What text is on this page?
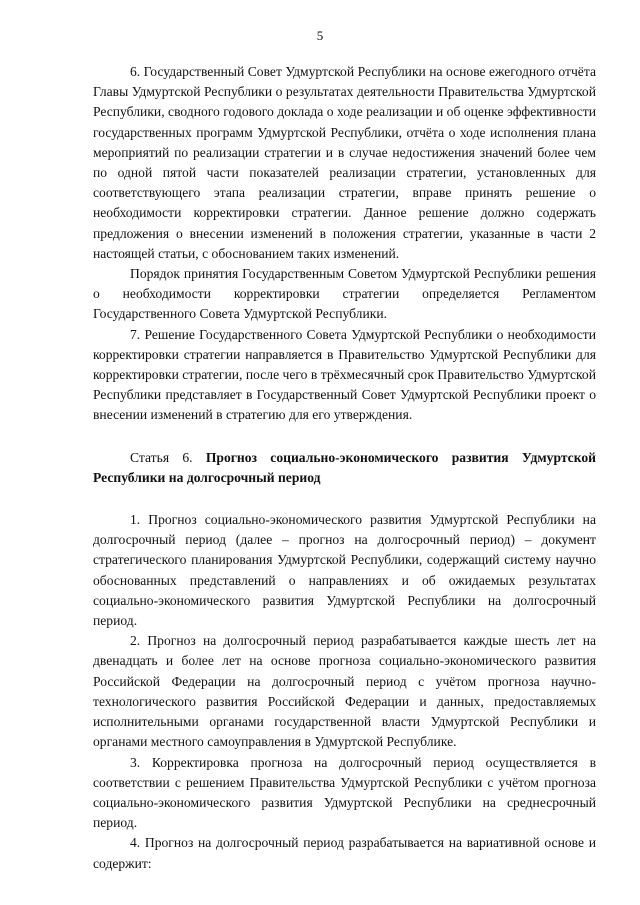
5

6. Государственный Совет Удмуртской Республики на основе ежегодного отчёта Главы Удмуртской Республики о результатах деятельности Правительства Удмуртской Республики, сводного годового доклада о ходе реализации и об оценке эффективности государственных программ Удмуртской Республики, отчёта о ходе исполнения плана мероприятий по реализации стратегии и в случае недостижения значений более чем по одной пятой части показателей реализации стратегии, установленных для соответствующего этапа реализации стратегии, вправе принять решение о необходимости корректировки стратегии. Данное решение должно содержать предложения о внесении изменений в положения стратегии, указанные в части 2 настоящей статьи, с обоснованием таких изменений.

Порядок принятия Государственным Советом Удмуртской Республики решения о необходимости корректировки стратегии определяется Регламентом Государственного Совета Удмуртской Республики.

7. Решение Государственного Совета Удмуртской Республики о необходимости корректировки стратегии направляется в Правительство Удмуртской Республики для корректировки стратегии, после чего в трёхмесячный срок Правительство Удмуртской Республики представляет в Государственный Совет Удмуртской Республики проект о внесении изменений в стратегию для его утверждения.

Статья 6. Прогноз социально-экономического развития Удмуртской Республики на долгосрочный период

1. Прогноз социально-экономического развития Удмуртской Республики на долгосрочный период (далее – прогноз на долгосрочный период) – документ стратегического планирования Удмуртской Республики, содержащий систему научно обоснованных представлений о направлениях и об ожидаемых результатах социально-экономического развития Удмуртской Республики на долгосрочный период.

2. Прогноз на долгосрочный период разрабатывается каждые шесть лет на двенадцать и более лет на основе прогноза социально-экономического развития Российской Федерации на долгосрочный период с учётом прогноза научно-технологического развития Российской Федерации и данных, предоставляемых исполнительными органами государственной власти Удмуртской Республики и органами местного самоуправления в Удмуртской Республике.

3. Корректировка прогноза на долгосрочный период осуществляется в соответствии с решением Правительства Удмуртской Республики с учётом прогноза социально-экономического развития Удмуртской Республики на среднесрочный период.

4. Прогноз на долгосрочный период разрабатывается на вариативной основе и содержит:
